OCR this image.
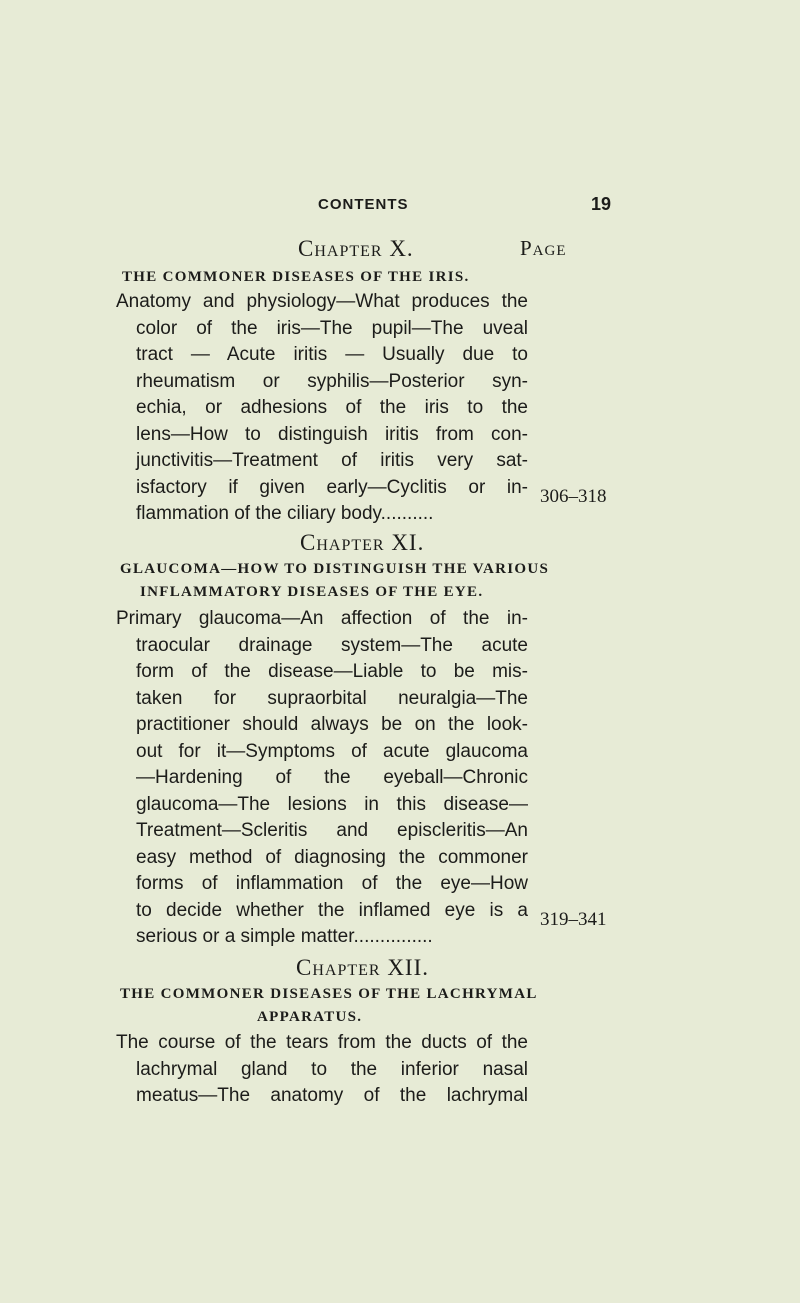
CONTENTS	19
Chapter X.	Page
THE COMMONER DISEASES OF THE IRIS.
Anatomy and physiology—What produces the
color of the iris—The pupil—The uveal
tract — Acute iritis — Usually due to
rheumatism or syphilis—Posterior syn-
echia, or adhesions of the iris to the
lens—How to distinguish iritis from con-
junctivitis—Treatment of iritis very sat-
isfactory if given early—Cyclitis or in-
flammation of the ciliary body..........
306–318
Chapter XI.
GLAUCOMA—HOW TO DISTINGUISH THE VARIOUS
INFLAMMATORY DISEASES OF THE EYE.
Primary glaucoma—An affection of the in-
traocular drainage system—The acute
form of the disease—Liable to be mis-
taken for supraorbital neuralgia—The
practitioner should always be on the look-
out for it—Symptoms of acute glaucoma
—Hardening of the eyeball—Chronic
glaucoma—The lesions in this disease—
Treatment—Scleritis and episcleritis—An
easy method of diagnosing the commoner
forms of inflammation of the eye—How
to decide whether the inflamed eye is a
serious or a simple matter...............
319–341
Chapter XII.
THE COMMONER DISEASES OF THE LACHRYMAL
APPARATUS.
The course of the tears from the ducts of the
lachrymal gland to the inferior nasal
meatus—The anatomy of the lachrymal
